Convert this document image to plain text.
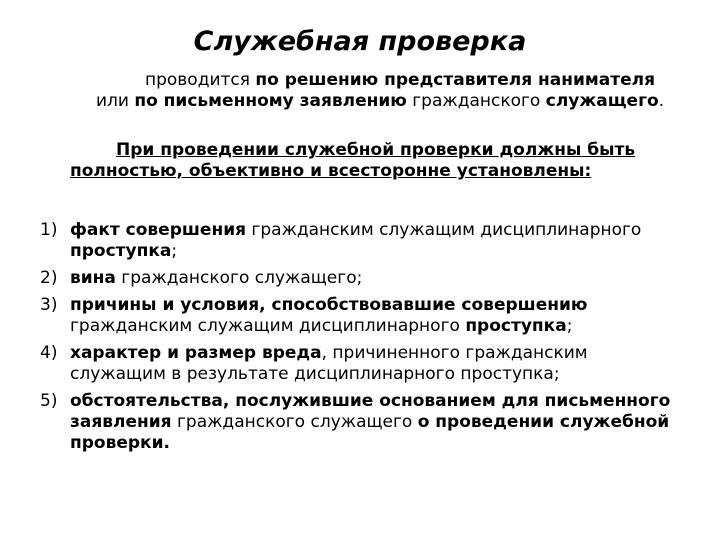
Служебная проверка
проводится по решению представителя нанимателя или по письменному заявлению гражданского служащего.
При проведении служебной проверки должны быть полностью, объективно и всесторонне установлены:
1) факт совершения гражданским служащим дисциплинарного проступка;
2) вина гражданского служащего;
3) причины и условия, способствовавшие совершению гражданским служащим дисциплинарного проступка;
4) характер и размер вреда, причиненного гражданским служащим в результате дисциплинарного проступка;
5) обстоятельства, послужившие основанием для письменного заявления гражданского служащего о проведении служебной проверки.
